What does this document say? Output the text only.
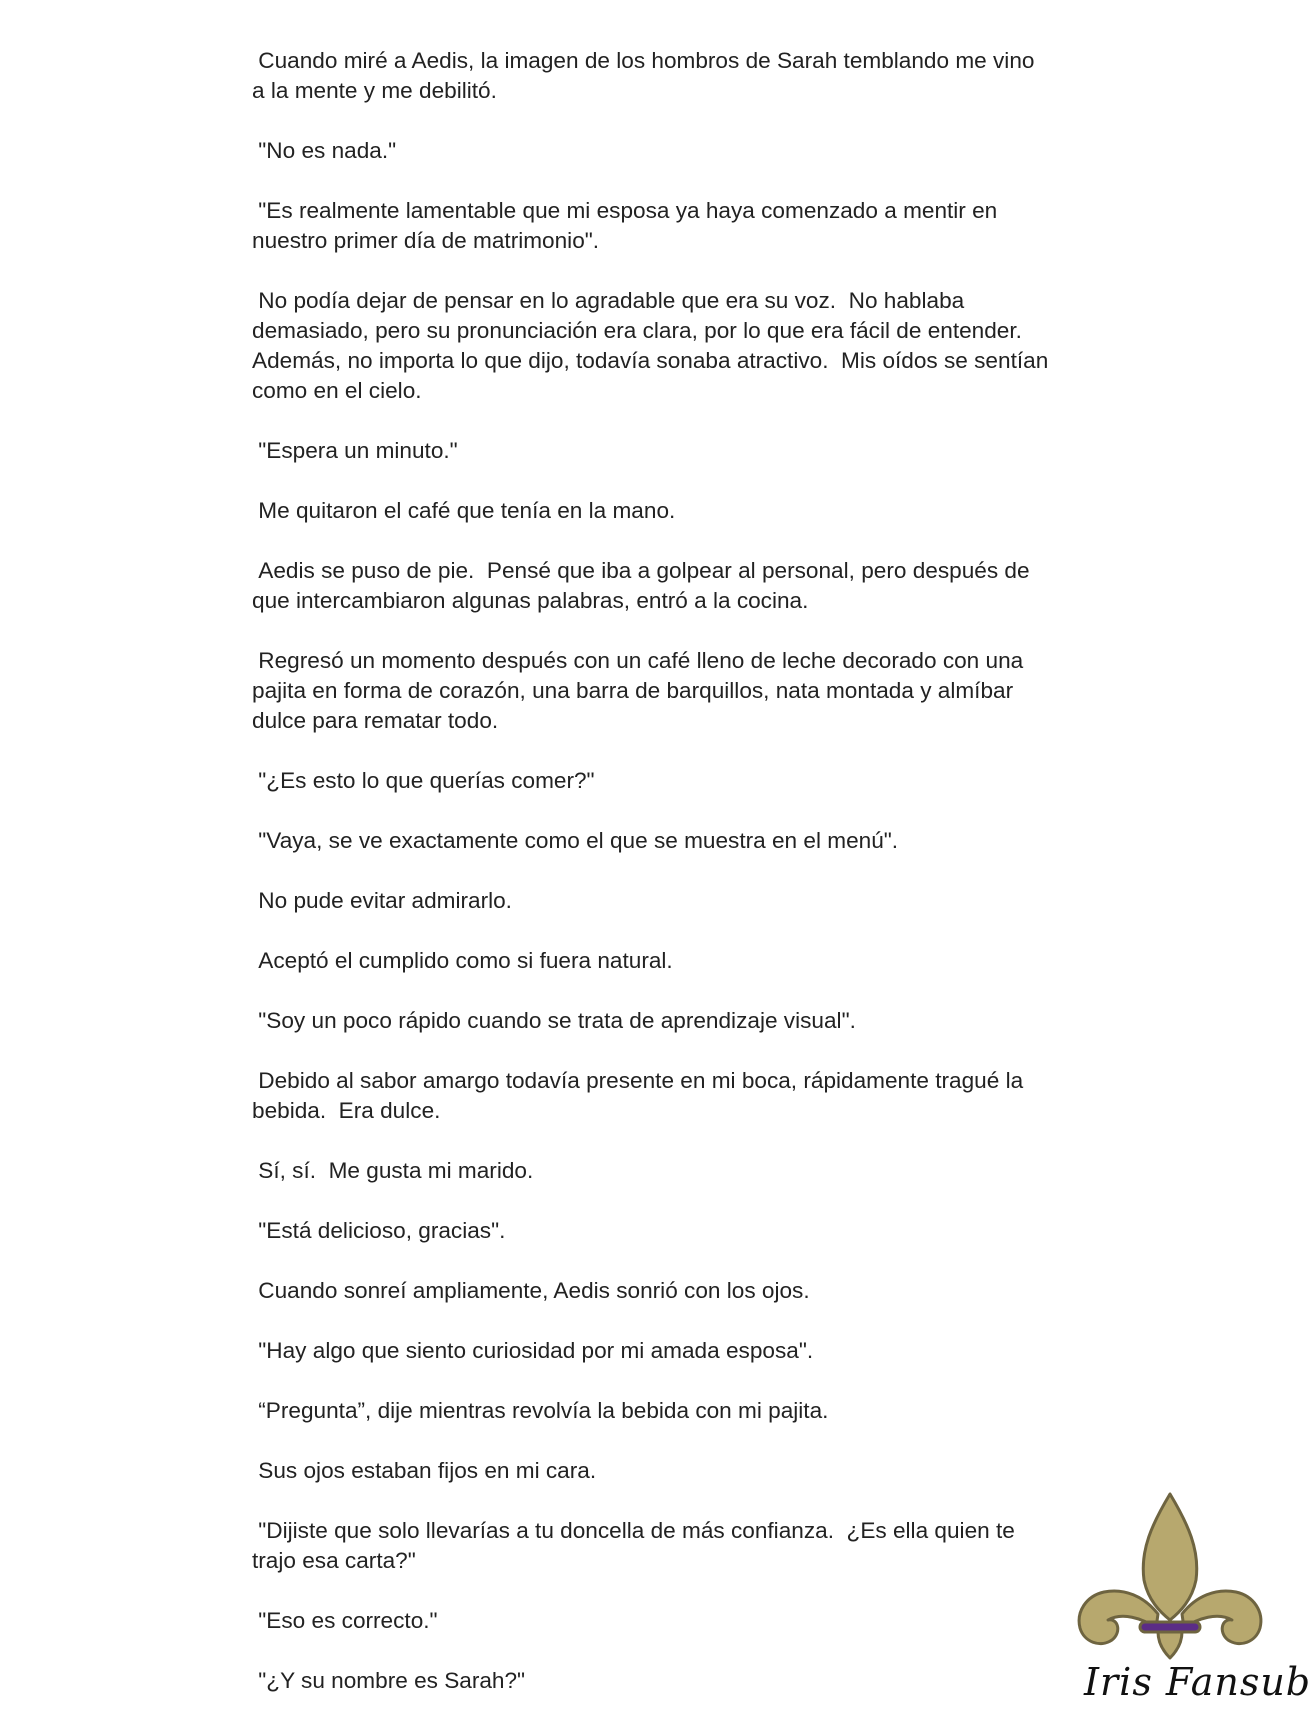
Cuando miré a Aedis, la imagen de los hombros de Sarah temblando me vino a la mente y me debilitó.

"No es nada."

"Es realmente lamentable que mi esposa ya haya comenzado a mentir en nuestro primer día de matrimonio".

No podía dejar de pensar en lo agradable que era su voz.  No hablaba demasiado, pero su pronunciación era clara, por lo que era fácil de entender. Además, no importa lo que dijo, todavía sonaba atractivo.  Mis oídos se sentían como en el cielo.

"Espera un minuto."

Me quitaron el café que tenía en la mano.

Aedis se puso de pie.  Pensé que iba a golpear al personal, pero después de que intercambiaron algunas palabras, entró a la cocina.

Regresó un momento después con un café lleno de leche decorado con una pajita en forma de corazón, una barra de barquillos, nata montada y almíbar dulce para rematar todo.

"¿Es esto lo que querías comer?"

"Vaya, se ve exactamente como el que se muestra en el menú".

No pude evitar admirarlo.

Aceptó el cumplido como si fuera natural.

"Soy un poco rápido cuando se trata de aprendizaje visual".

Debido al sabor amargo todavía presente en mi boca, rápidamente tragué la bebida.  Era dulce.

Sí, sí.  Me gusta mi marido.

"Está delicioso, gracias".

Cuando sonreí ampliamente, Aedis sonrió con los ojos.

"Hay algo que siento curiosidad por mi amada esposa".

“Pregunta”, dije mientras revolvía la bebida con mi pajita.

Sus ojos estaban fijos en mi cara.

"Dijiste que solo llevarías a tu doncella de más confianza.  ¿Es ella quien te trajo esa carta?"

"Eso es correcto."

"¿Y su nombre es Sarah?"	Iris Fansub
